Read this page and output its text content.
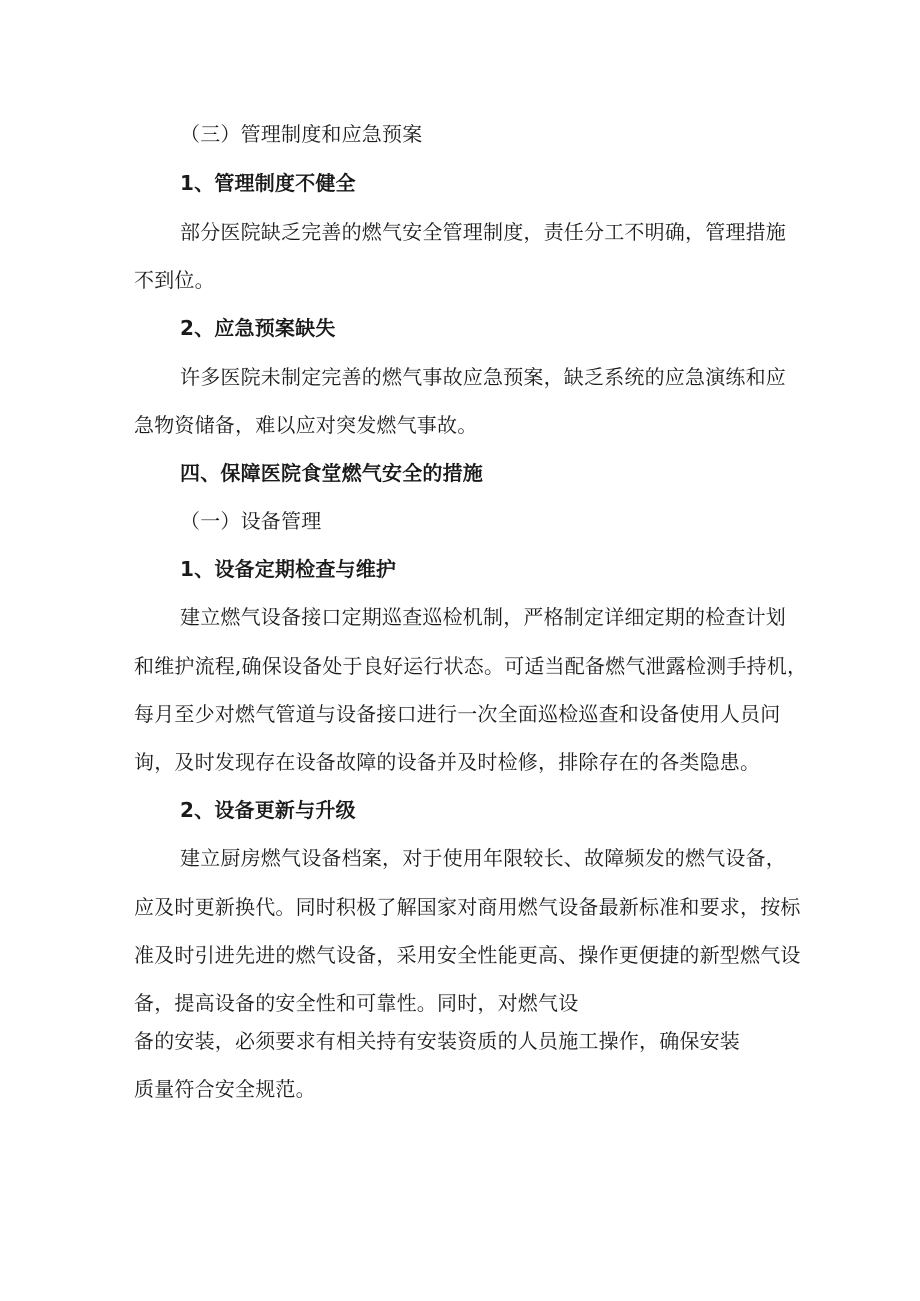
（三）管理制度和应急预案
1、管理制度不健全
部分医院缺乏完善的燃气安全管理制度，责任分工不明确，管理措施
不到位。
2、应急预案缺失
许多医院未制定完善的燃气事故应急预案，缺乏系统的应急演练和应
急物资储备，难以应对突发燃气事故。
四、保障医院食堂燃气安全的措施
（一）设备管理
1、设备定期检查与维护
建立燃气设备接口定期巡查巡检机制，严格制定详细定期的检查计划
和维护流程,确保设备处于良好运行状态。可适当配备燃气泄露检测手持机，
每月至少对燃气管道与设备接口进行一次全面巡检巡查和设备使用人员问
询，及时发现存在设备故障的设备并及时检修，排除存在的各类隐患。
2、设备更新与升级
建立厨房燃气设备档案，对于使用年限较长、故障频发的燃气设备，
应及时更新换代。同时积极了解国家对商用燃气设备最新标准和要求，按标
准及时引进先进的燃气设备，采用安全性能更高、操作更便捷的新型燃气设
备，提高设备的安全性和可靠性。同时，对燃气设
备的安装，必须要求有相关持有安装资质的人员施工操作，确保安装
质量符合安全规范。
